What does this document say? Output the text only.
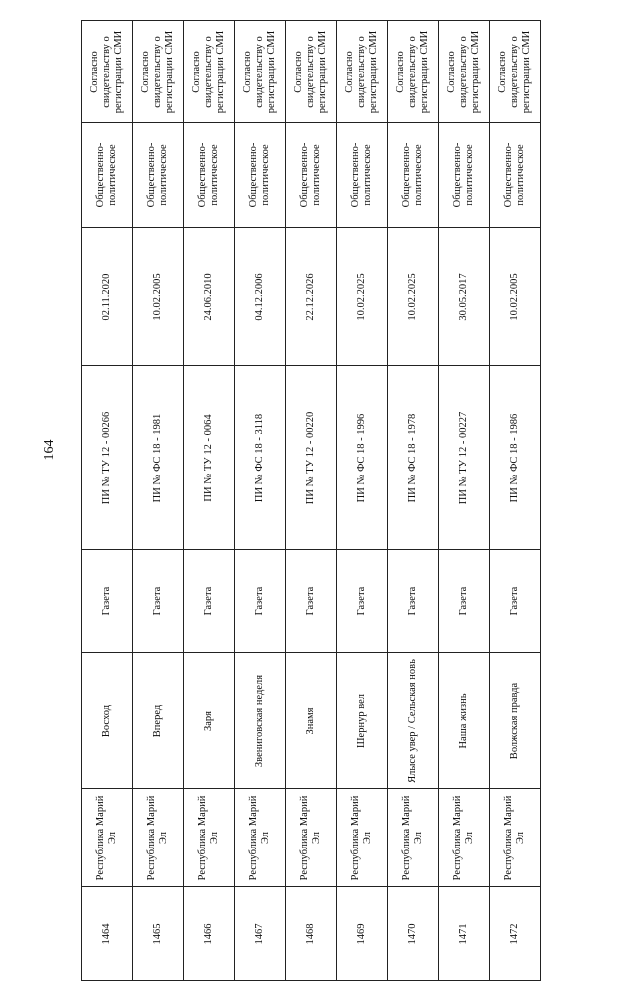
164
Согласно свидетельству о регистрации СМИ	Согласно свидетельству о регистрации СМИ	Согласно свидетельству о регистрации СМИ	Согласно свидетельству о регистрации СМИ	Согласно свидетельству о регистрации СМИ	Согласно свидетельству о регистрации СМИ	Согласно свидетельству о регистрации СМИ	Согласно свидетельству о регистрации СМИ	Согласно свидетельству о регистрации СМИ

Общественно-политическое	Общественно-политическое	Общественно-политическое	Общественно-политическое	Общественно-политическое	Общественно-политическое	Общественно-политическое	Общественно-политическое	Общественно-политическое

02.11.2020	10.02.2005	24.06.2010	04.12.2006	22.12.2026	10.02.2025	10.02.2025	30.05.2017	10.02.2005

ПИ № ТУ 12 - 00266	ПИ № ФС 18 - 1981	ПИ № ТУ 12 - 0064	ПИ № ФС 18 - 3118	ПИ № ТУ 12 - 00220	ПИ № ФС 18 - 1996	ПИ № ФС 18 - 1978	ПИ № ТУ 12 - 00227	ПИ № ФС 18 - 1986

Газета	Газета	Газета	Газета	Газета	Газета	Газета	Газета	Газета

Восход	Вперед	Заря	Звениговская неделя	Знамя	Шернур вел	Ялысе увер / Сельская новь	Наша жизнь	Волжская правда

Республика Марий Эл	Республика Марий Эл	Республика Марий Эл	Республика Марий Эл	Республика Марий Эл	Республика Марий Эл	Республика Марий Эл	Республика Марий Эл	Республика Марий Эл

1464	1465	1466	1467	1468	1469	1470	1471	1472
